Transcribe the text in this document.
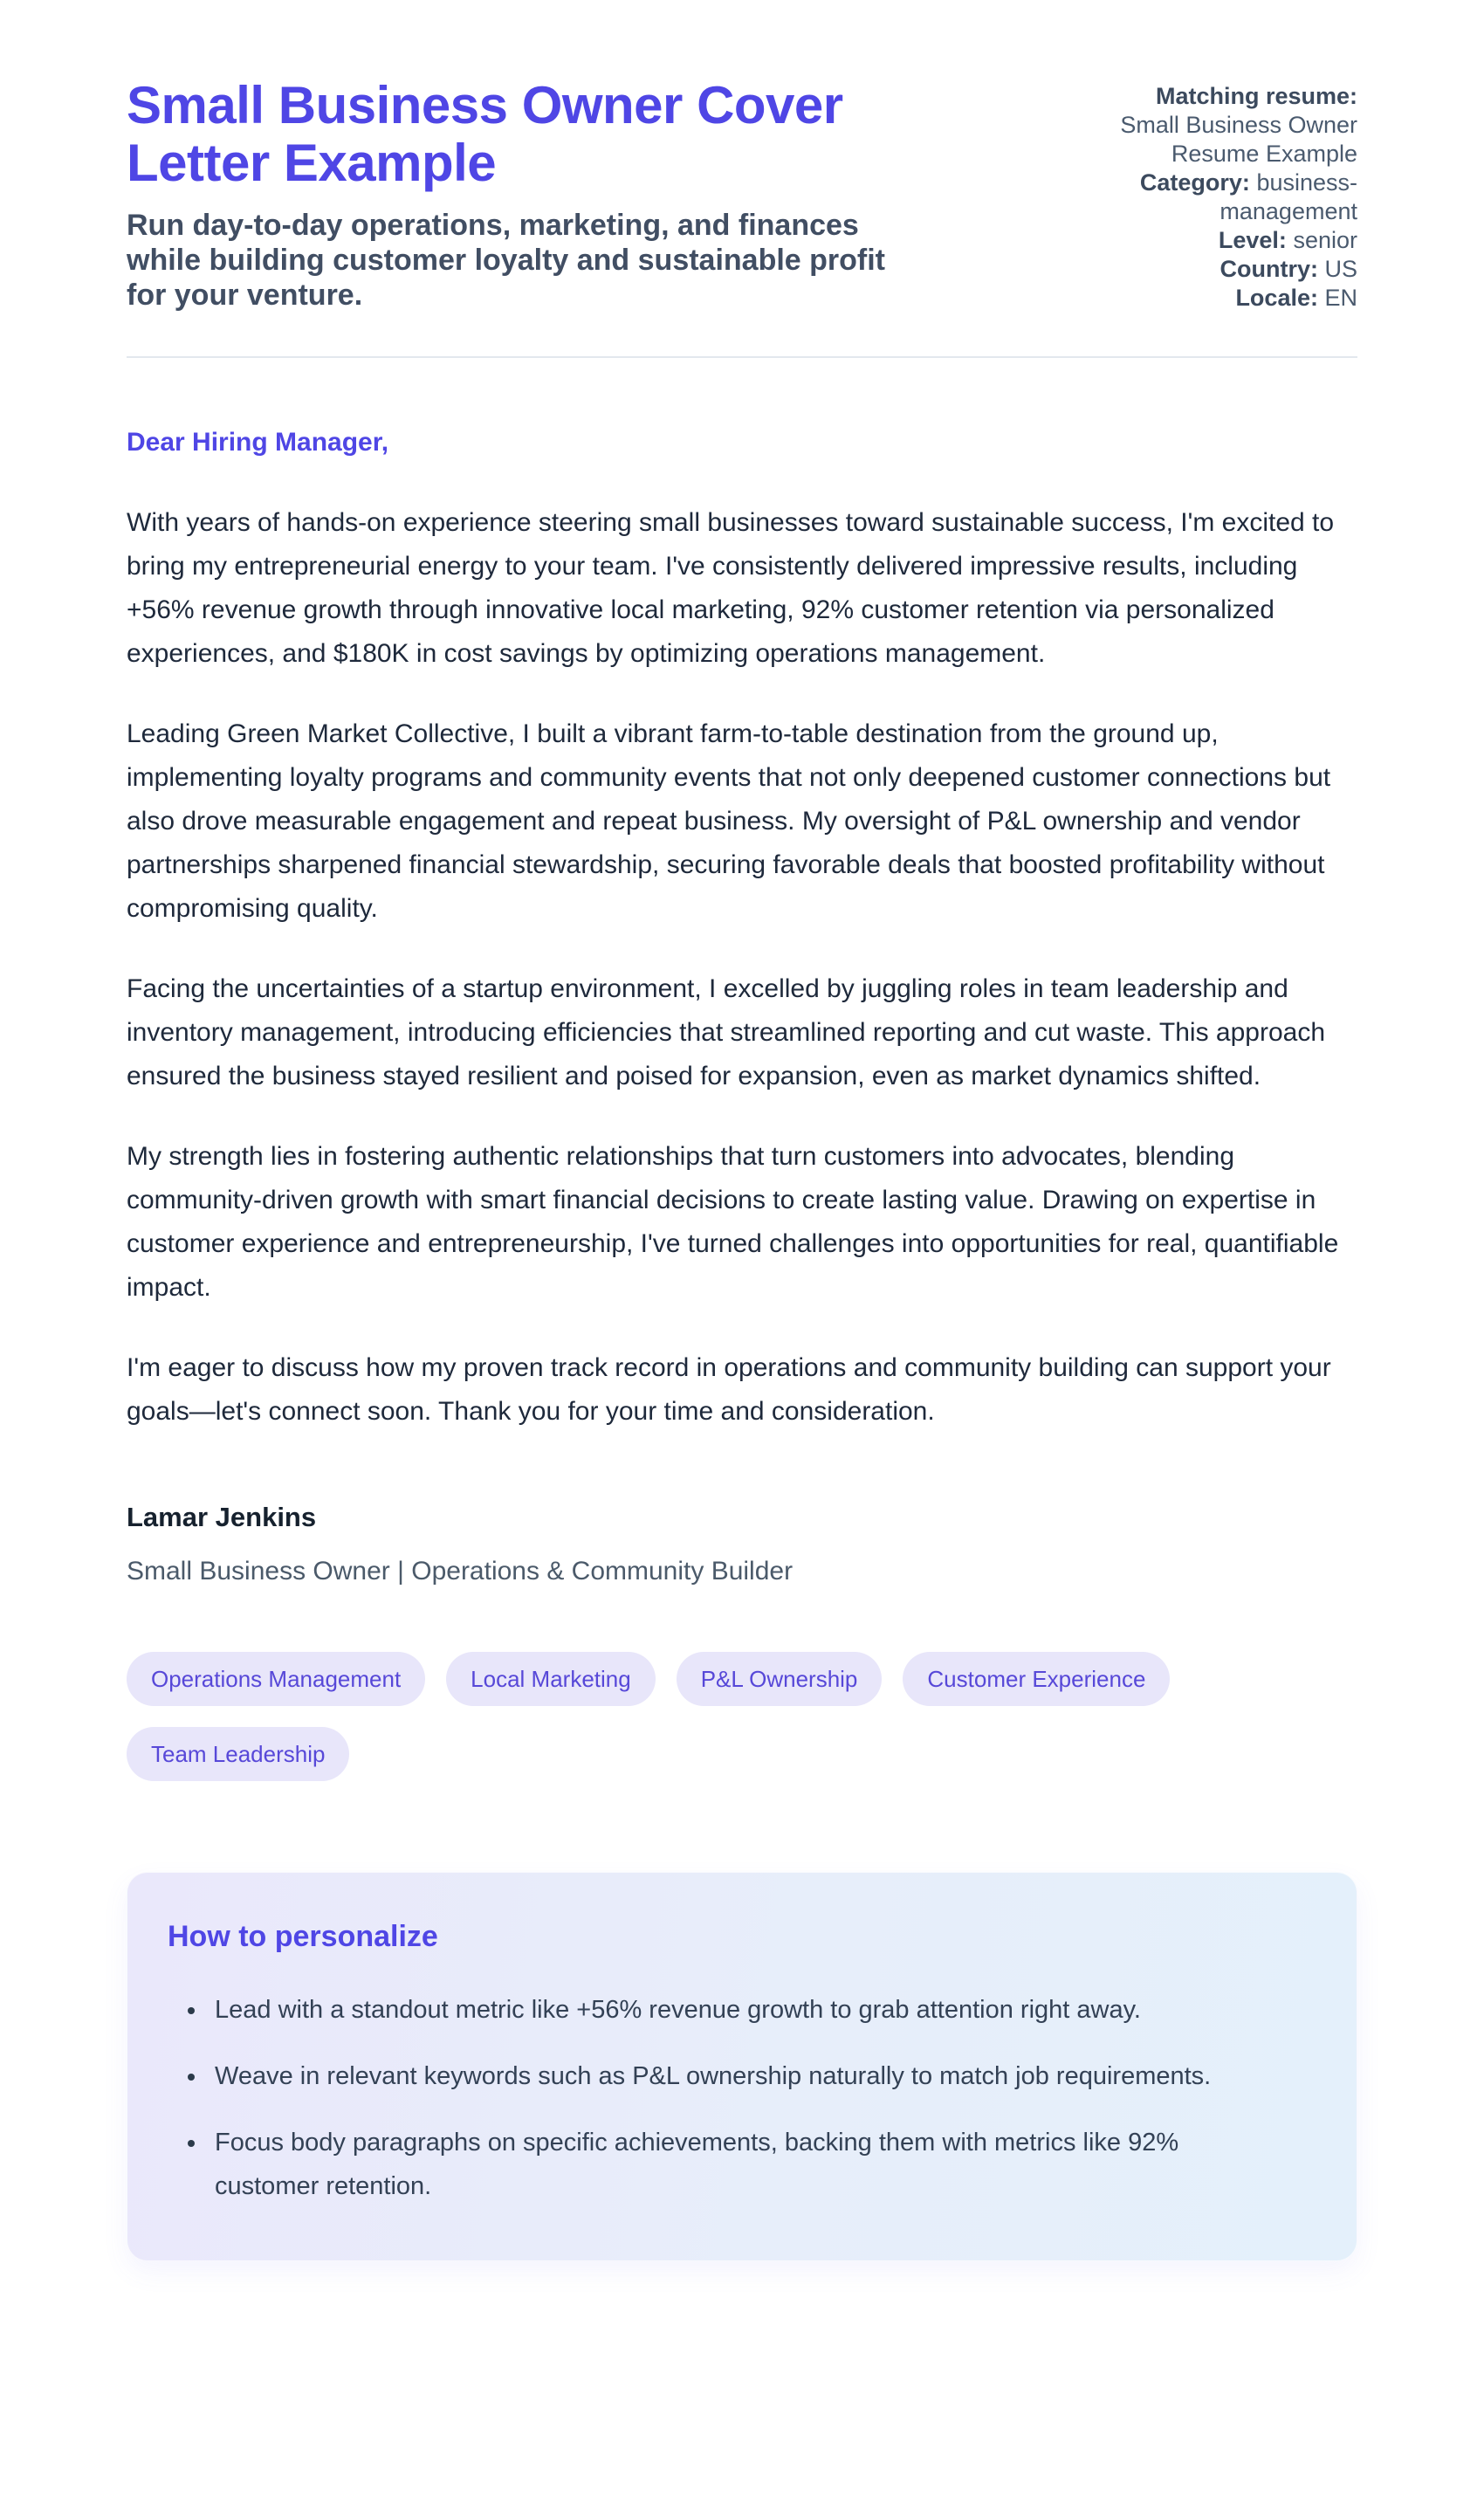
Small Business Owner Cover Letter Example

Run day-to-day operations, marketing, and finances while building customer loyalty and sustainable profit for your venture.

Matching resume:
Small Business Owner Resume Example
Category: business-management
Level: senior
Country: US
Locale: EN

Dear Hiring Manager,

With years of hands-on experience steering small businesses toward sustainable success, I'm excited to bring my entrepreneurial energy to your team. I've consistently delivered impressive results, including +56% revenue growth through innovative local marketing, 92% customer retention via personalized experiences, and $180K in cost savings by optimizing operations management.

Leading Green Market Collective, I built a vibrant farm-to-table destination from the ground up, implementing loyalty programs and community events that not only deepened customer connections but also drove measurable engagement and repeat business. My oversight of P&L ownership and vendor partnerships sharpened financial stewardship, securing favorable deals that boosted profitability without compromising quality.

Facing the uncertainties of a startup environment, I excelled by juggling roles in team leadership and inventory management, introducing efficiencies that streamlined reporting and cut waste. This approach ensured the business stayed resilient and poised for expansion, even as market dynamics shifted.

My strength lies in fostering authentic relationships that turn customers into advocates, blending community-driven growth with smart financial decisions to create lasting value. Drawing on expertise in customer experience and entrepreneurship, I've turned challenges into opportunities for real, quantifiable impact.

I'm eager to discuss how my proven track record in operations and community building can support your goals—let's connect soon. Thank you for your time and consideration.

Lamar Jenkins

Small Business Owner | Operations & Community Builder

Operations Management	Local Marketing	P&L Ownership	Customer Experience
Team Leadership
How to personalize
• Lead with a standout metric like +56% revenue growth to grab attention right away.
• Weave in relevant keywords such as P&L ownership naturally to match job requirements.
• Focus body paragraphs on specific achievements, backing them with metrics like 92% customer retention.
